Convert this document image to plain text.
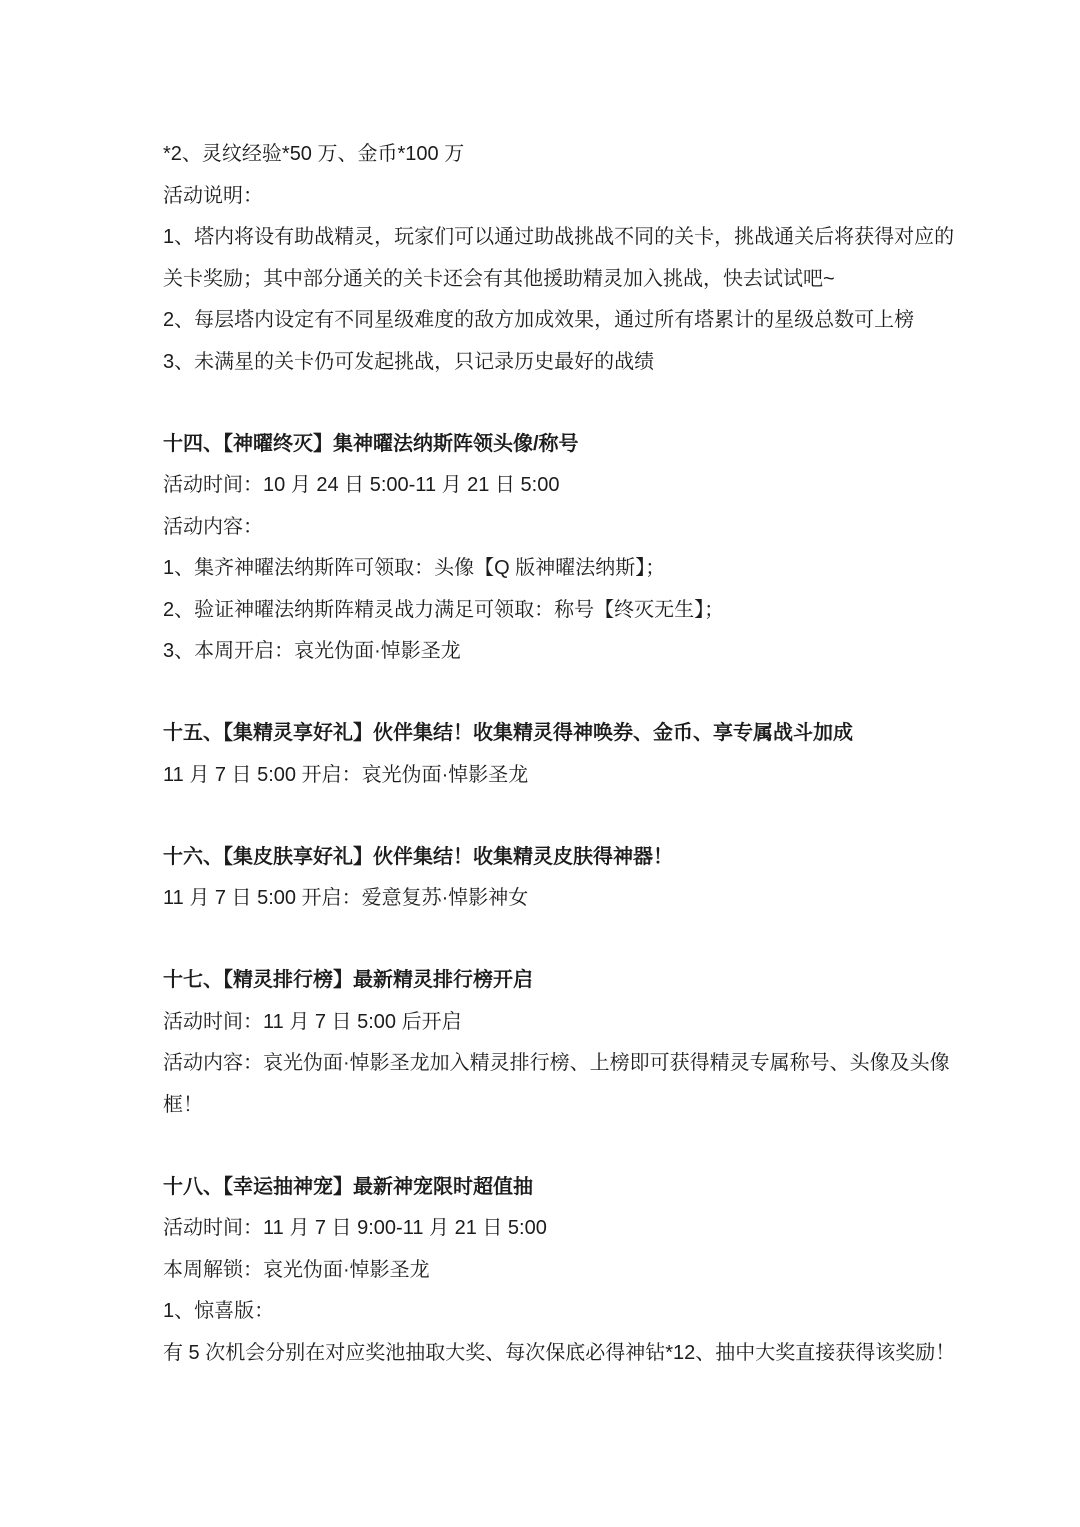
*2、灵纹经验*50 万、金币*100 万
活动说明：
1、塔内将设有助战精灵，玩家们可以通过助战挑战不同的关卡，挑战通关后将获得对应的
关卡奖励；其中部分通关的关卡还会有其他援助精灵加入挑战，快去试试吧~
2、每层塔内设定有不同星级难度的敌方加成效果，通过所有塔累计的星级总数可上榜
3、未满星的关卡仍可发起挑战，只记录历史最好的战绩
十四、【神曜终灭】集神曜法纳斯阵领头像/称号
活动时间：10 月 24 日 5:00-11 月 21 日 5:00
活动内容：
1、集齐神曜法纳斯阵可领取：头像【Q 版神曜法纳斯】；
2、验证神曜法纳斯阵精灵战力满足可领取：称号【终灭无生】；
3、本周开启：哀光伪面·悼影圣龙
十五、【集精灵享好礼】伙伴集结！收集精灵得神唤券、金币、享专属战斗加成
11 月 7 日 5:00 开启：哀光伪面·悼影圣龙
十六、【集皮肤享好礼】伙伴集结！收集精灵皮肤得神器！
11 月 7 日 5:00 开启：爱意复苏·悼影神女
十七、【精灵排行榜】最新精灵排行榜开启
活动时间：11 月 7 日 5:00 后开启
活动内容：哀光伪面·悼影圣龙加入精灵排行榜、上榜即可获得精灵专属称号、头像及头像
框！
十八、【幸运抽神宠】最新神宠限时超值抽
活动时间：11 月 7 日 9:00-11 月 21 日 5:00
本周解锁：哀光伪面·悼影圣龙
1、惊喜版：
有 5 次机会分别在对应奖池抽取大奖、每次保底必得神钻*12、抽中大奖直接获得该奖励！
